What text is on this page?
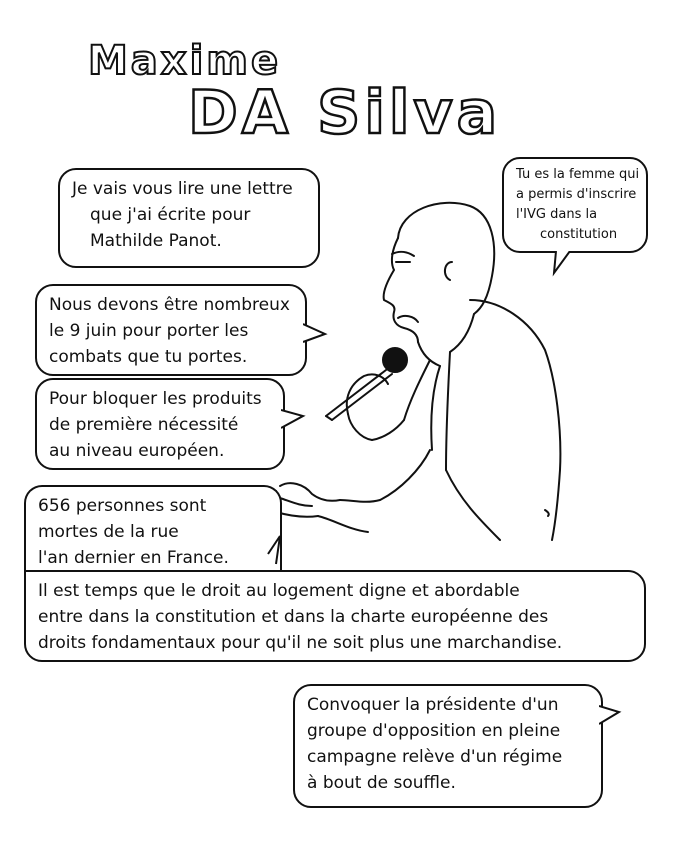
Maxime
DA Silva

Je vais vous lire une lettre

que j'ai écrite pour

Mathilde Panot.

Tu es la femme qui

a permis d'inscrire

l'IVG dans la

constitution

Nous devons être nombreux

le 9 juin pour porter les

combats que tu portes.

Pour bloquer les produits

de première nécessité

au niveau européen.

656 personnes sont

mortes de la rue

l'an dernier en France.

Il est temps que le droit au logement digne et abordable

entre dans la constitution et dans la charte européenne des

droits fondamentaux pour qu'il ne soit plus une marchandise.

Convoquer la présidente d'un

groupe d'opposition en pleine

campagne relève d'un régime

à bout de souffle.
